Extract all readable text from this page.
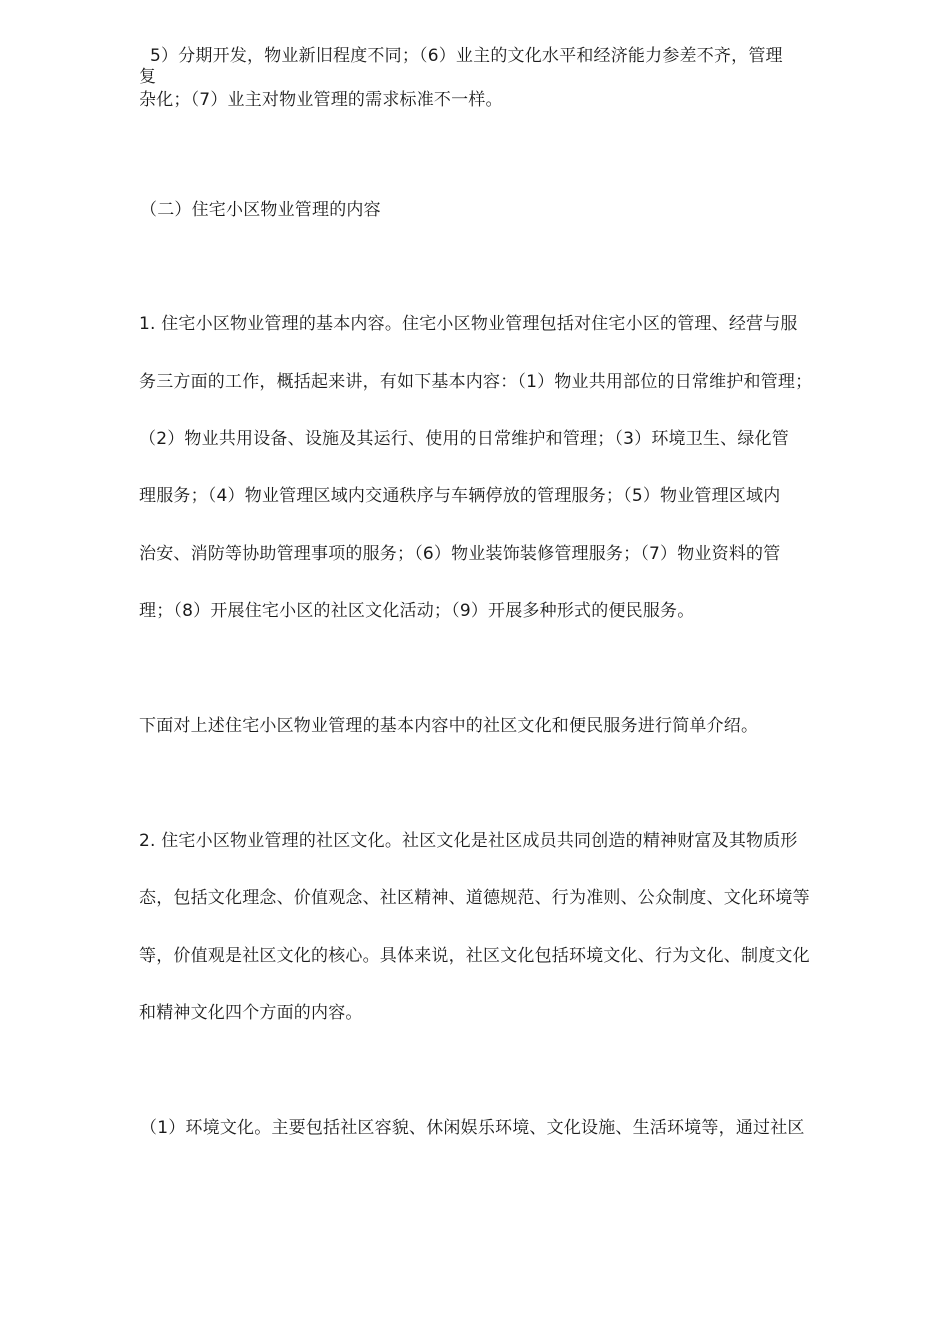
5）分期开发，物业新旧程度不同；（6）业主的文化水平和经济能力参差不齐，管理
复
杂化；（7）业主对物业管理的需求标准不一样。
（二）住宅小区物业管理的内容
1. 住宅小区物业管理的基本内容。住宅小区物业管理包括对住宅小区的管理、经营与服
务三方面的工作，概括起来讲，有如下基本内容：（1）物业共用部位的日常维护和管理；
（2）物业共用设备、设施及其运行、使用的日常维护和管理；（3）环境卫生、绿化管
理服务；（4）物业管理区域内交通秩序与车辆停放的管理服务；（5）物业管理区域内
治安、消防等协助管理事项的服务；（6）物业装饰装修管理服务；（7）物业资料的管
理；（8）开展住宅小区的社区文化活动；（9）开展多种形式的便民服务。
下面对上述住宅小区物业管理的基本内容中的社区文化和便民服务进行简单介绍。
2. 住宅小区物业管理的社区文化。社区文化是社区成员共同创造的精神财富及其物质形
态，包括文化理念、价值观念、社区精神、道德规范、行为准则、公众制度、文化环境等
等，价值观是社区文化的核心。具体来说，社区文化包括环境文化、行为文化、制度文化
和精神文化四个方面的内容。
（1）环境文化。主要包括社区容貌、休闲娱乐环境、文化设施、生活环境等，通过社区
